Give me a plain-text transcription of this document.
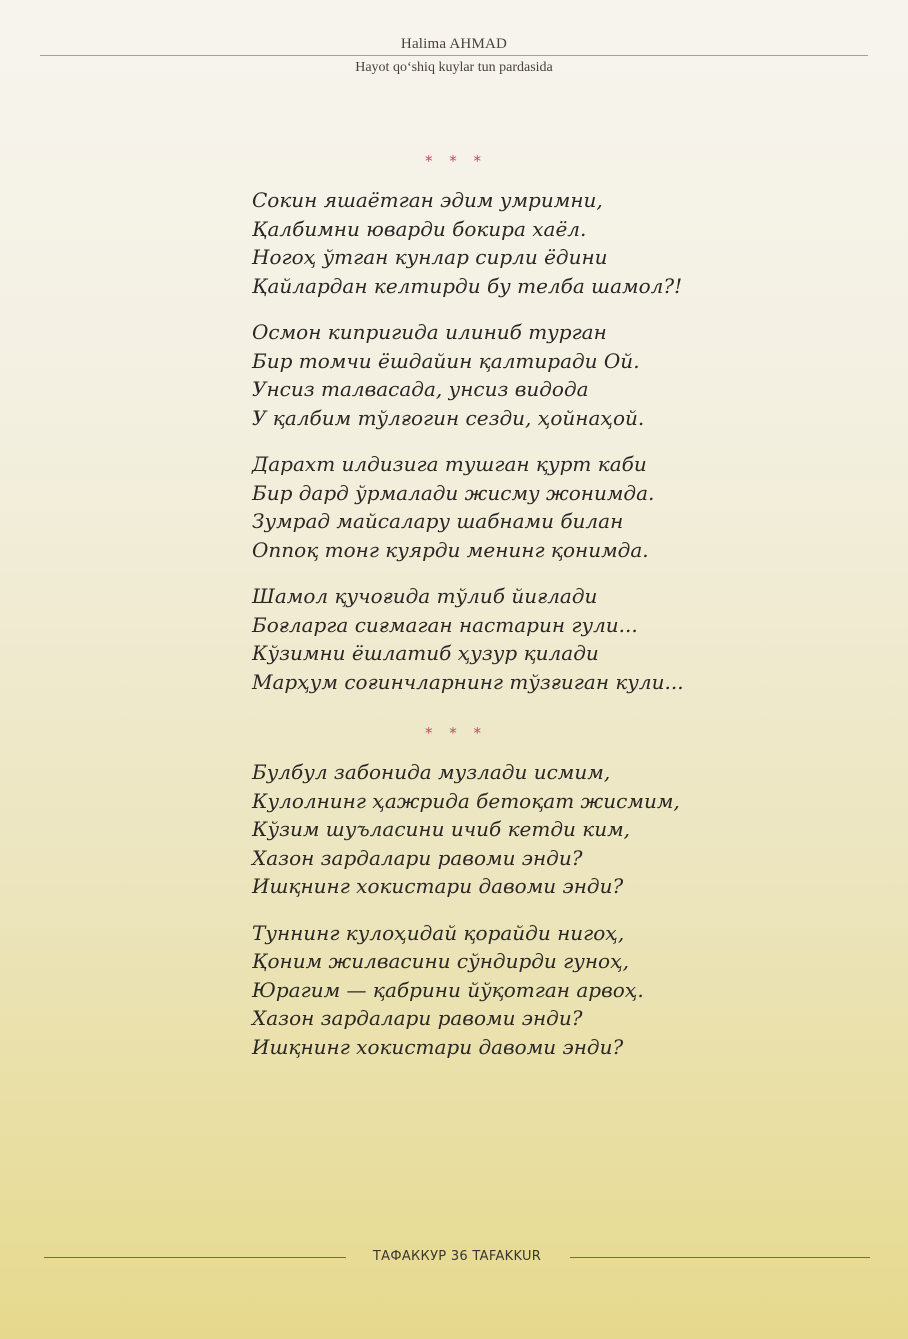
Halima AHMAD
Hayot qoʻshiq kuylar tun pardasida
* * *
Сокин яшаётган эдим умримни,
Қалбимни юварди бокира хаёл.
Ногоҳ ўтган кунлар сирли ёдини
Қайлардан келтирди бу телба шамол?!
Осмон кипригида илиниб турган
Бир томчи ёшдайин қалтиради Ой.
Унсиз талвасада, унсиз видода
У қалбим тўлғогин сезди, ҳойнаҳой.
Дарахт илдизига тушган қурт каби
Бир дард ўрмалади жисму жонимда.
Зумрад майсалару шабнами билан
Оппоқ тонг куярди менинг қонимда.
Шамол қучоғида тўлиб йиғлади
Боғларга сиғмаган настарин гули...
Кўзимни ёшлатиб ҳузур қилади
Марҳум соғинчларнинг тўзғиган кули...
* * *
Булбул забонида музлади исмим,
Кулолнинг ҳажрида бетоқат жисмим,
Кўзим шуъласини ичиб кетди ким,
Хазон зардалари равоми энди?
Ишқнинг хокистари давоми энди?
Туннинг кулоҳидай қорайди нигоҳ,
Қоним жилвасини сўндирди гуноҳ,
Юрагим — қабрини йўқотган арвоҳ.
Хазон зардалари равоми энди?
Ишқнинг хокистари давоми энди?
ТАФАККУР 36 TAFAKKUR
